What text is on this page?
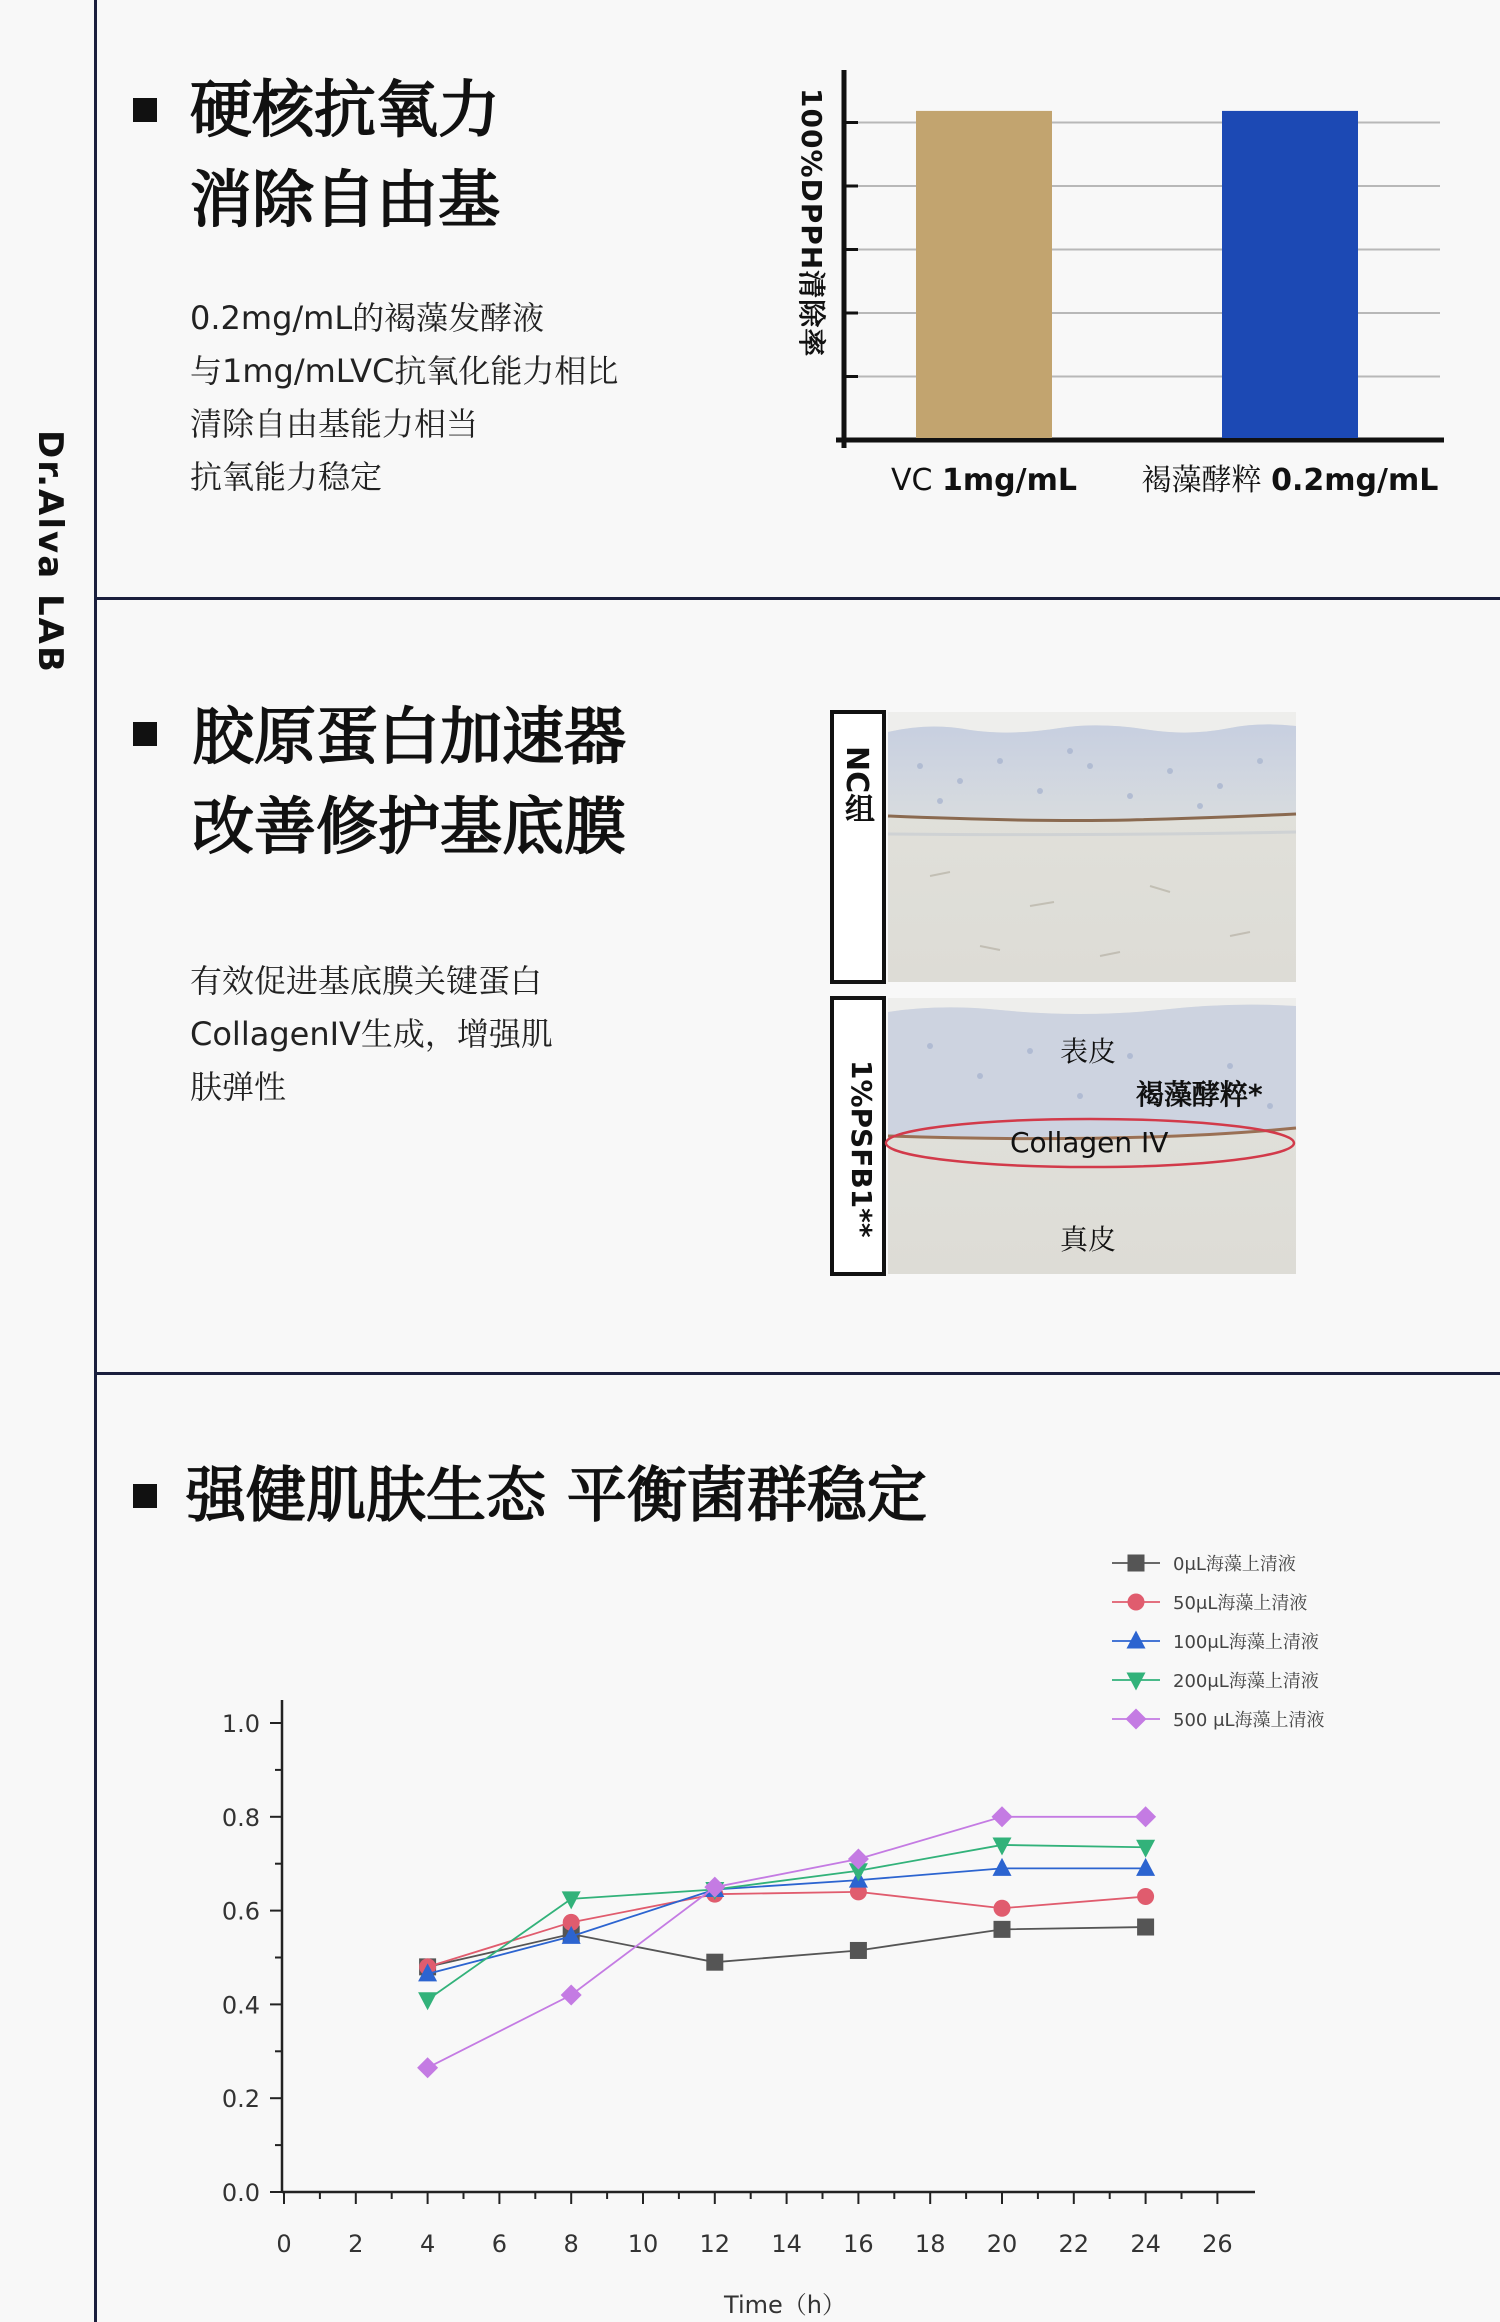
Dr.Alva LAB
硬核抗氧力
消除自由基
0.2mg/mL的褐藻发酵液
与1mg/mLVC抗氧化能力相比
清除自由基能力相当
抗氧能力稳定
100%DPPH清除率
VC 1mg/mL 褐藻酵粹 0.2mg/mL
胶原蛋白加速器
改善修护基底膜
有效促进基底膜关键蛋白
CollagenIV生成，增强肌
肤弹性
NC组
1%PSFB1**
表皮
褐藻酵粹*
Collagen IV
真皮
强健肌肤生态 平衡菌群稳定
0.0
0.2
0.4
0.6
0.8
1.0
0 2 4 6 8 10 12 14 16 18 20 22 24 26
Time（h）
0μL海藻上清液
50μL海藻上清液
100μL海藻上清液
200μL海藻上清液
500 μL海藻上清液
